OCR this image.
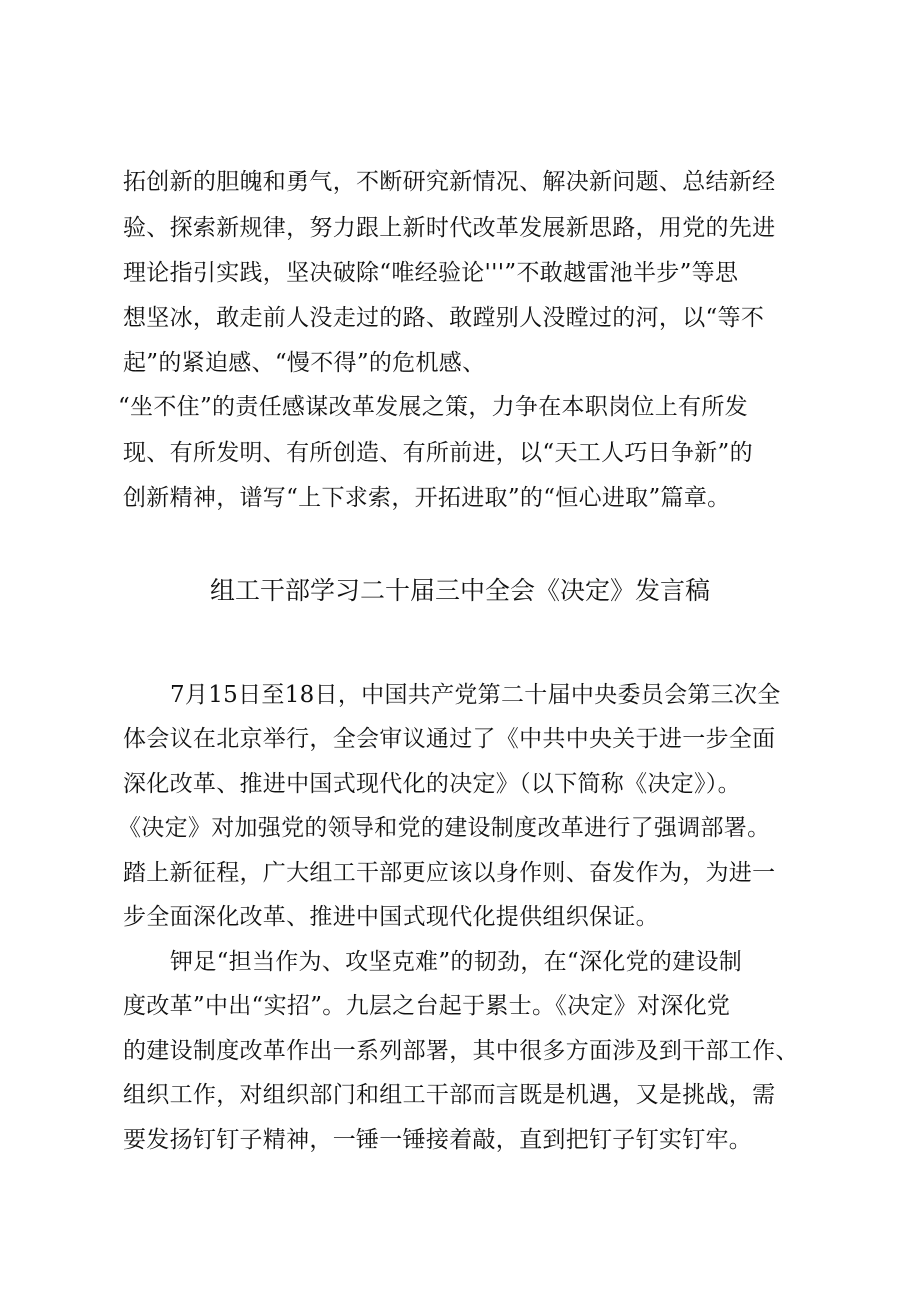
拓创新的胆魄和勇气，不断研究新情况、解决新问题、总结新经
验、探索新规律，努力跟上新时代改革发展新思路，用党的先进
理论指引实践，坚决破除“唯经验论'''”不敢越雷池半步”等思
想坚冰，敢走前人没走过的路、敢蹚别人没瞠过的河，以“等不
起”的紧迫感、“慢不得”的危机感、
“坐不住”的责任感谋改革发展之策，力争在本职岗位上有所发
现、有所发明、有所创造、有所前进，以“天工人巧日争新”的
创新精神，谱写“上下求索，开拓进取”的“恒心进取”篇章。
组工干部学习二十届三中全会《决定》发言稿
7月15日至18日，中国共产党第二十届中央委员会第三次全
体会议在北京举行，全会审议通过了《中共中央关于进一步全面
深化改革、推进中国式现代化的决定》（以下简称《决定》）。
《决定》对加强党的领导和党的建设制度改革进行了强调部署。
踏上新征程，广大组工干部更应该以身作则、奋发作为，为进一
步全面深化改革、推进中国式现代化提供组织保证。
钾足“担当作为、攻坚克难”的韧劲，在“深化党的建设制
度改革”中出“实招”。九层之台起于累士。《决定》对深化党
的建设制度改革作出一系列部署，其中很多方面涉及到干部工作、
组织工作，对组织部门和组工干部而言既是机遇，又是挑战，需
要发扬钉钉子精神，一锤一锤接着敲，直到把钉子钉实钉牢。
